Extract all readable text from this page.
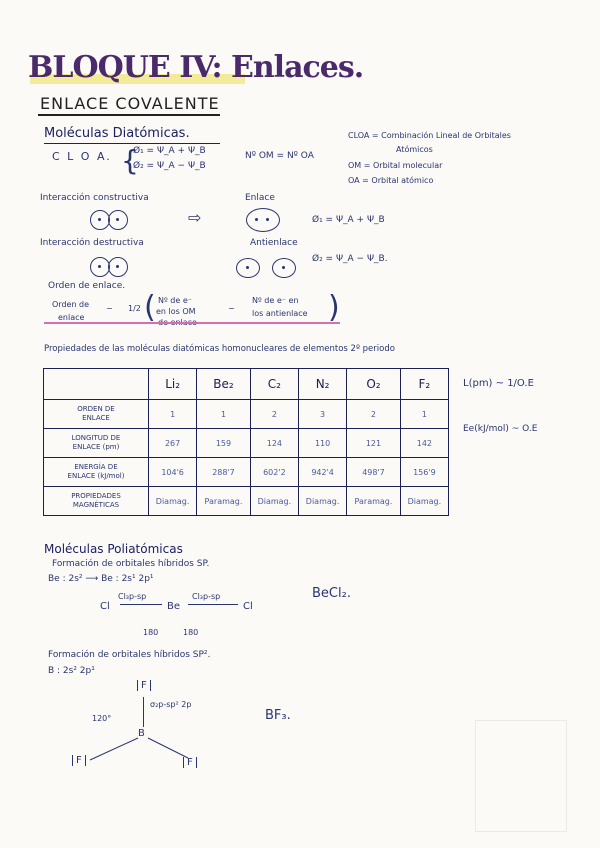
BLOQUE IV: Enlaces.
ENLACE COVALENTE
Moléculas Diatómicas.
C L O A. {
Ø₁ = Ψ_A + Ψ_B
Ø₂ = Ψ_A − Ψ_B
Nº OM = Nº OA
CLOA = Combinación Lineal de Orbitales
Atómicos
OM = Orbital molecular
OA = Orbital atómico
Interacción constructiva	Enlace
⇨	Ø₁ = Ψ_A + Ψ_B
Interacción destructiva	Antienlace
Ø₂ = Ψ_A − Ψ_B.
Orden de enlace.
Orden de
enlace
− 1/2 ( Nº de e⁻
en los OM
de enlace
−
Nº de e⁻ en
los antienlace )
Propiedades de las moléculas diatómicas homonucleares de elementos 2º periodo
	Li₂	Be₂	C₂	N₂	O₂	F₂
ORDEN DE
ENLACE	1	1	2	3	2	1
LONGITUD DE
ENLACE (pm)	267	159	124	110	121	142
ENERGÍA DE
ENLACE (kJ/mol)	104'6	288'7	602'2	942'4	498'7	156'9
PROPIEDADES
MAGNÉTICAS	Diamag.	Paramag.	Diamag.	Diamag.	Paramag.	Diamag.
L(pm) ~ 1/O.E
Ee(kJ/mol) ~ O.E
Moléculas Poliatómicas
Formación de orbitales híbridos SP.
Be : 2s² ⟶ Be : 2s¹ 2p¹
Cl
Cl₃p-sp
Be
Cl₃p-sp
Cl
180	180
BeCl₂.
Formación de orbitales híbridos SP².
B : 2s² 2p¹
F
σ₂p-sp² 2p
120°
B
F	F
BF₃.
